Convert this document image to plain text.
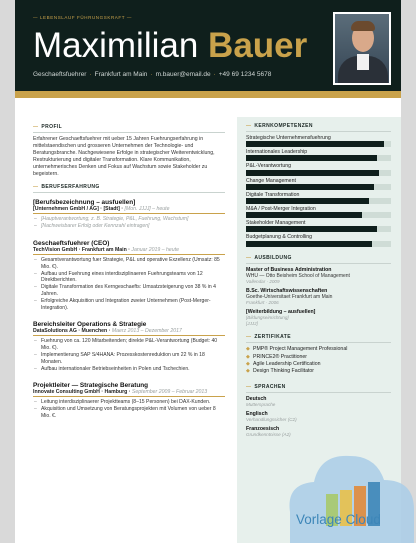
— LEBENSLAUF FÜHRUNGSKRAFT —
Maximilian Bauer
Geschaeftsfuehrer · Frankfurt am Main · m.bauer@email.de · +49 69 1234 5678
— PROFIL
Erfahrener Geschaeftsfuehrer mit ueber 15 Jahren Fuehrungserfahrung in mittelstaendischen und grosseren Unternehmen der Technologie- und Beratungsbranche. Nachgewiesene Erfolge in strategischer Weiterentwicklung, Restrukturierung und digitaler Transformation. Klare Kommunikation, unternehmerisches Denken und Fokus auf Wachstum sowie Stakeholder zu begeistern.
— BERUFSERFAHRUNG
[Berufsbezeichnung – ausfuellen]
[Unternehmen GmbH / AG] · [Stadt] · [Mon. JJJJ] – heute
– [Hauptverantwortung, z. B. Strategie, P&L, Fuehrung, Wachstum]
– [Nachweisbarer Erfolg oder Kennzahl eintragen]
Geschaeftsfuehrer (CEO)
TechVision GmbH · Frankfurt am Main · Januar 2019 – heute
– Gesamtverantwortung fuer Strategie, P&L und operative Exzellenz (Umsatz: 85 Mio. €).
– Aufbau und Fuehrung eines interdisziplinaeren Fuehrungsteams von 12 Direktberichten.
– Digitale Transformation des Kerngeschaefts: Umsatzsteigerung von 38 % in 4 Jahren.
– Erfolgreiche Akquisition und Integration zweier Unternehmen (Post-Merger-Integration).
Bereichsleiter Operations & Strategie
DataSolutions AG · Muenchen · Maerz 2013 – Dezember 2017
– Fuehrung von ca. 120 Mitarbeitenden; direkte P&L-Verantwortung (Budget: 40 Mio. €).
– Implementierung SAP S/4HANA: Prozesskostenreduktion um 22 % in 18 Monaten.
– Aufbau internationaler Betriebseinheiten in Polen und Tschechien.
Projektleiter — Strategische Beratung
Innovate Consulting GmbH · Hamburg · September 2009 – Februar 2013
– Leitung interdisziplinaerer Projektteams (8–15 Personen) bei DAX-Kunden.
– Akquisition und Umsetzung von Beratungsprojekten mit Volumen von ueber 8 Mio. €.
— KERNKOMPETENZEN
Strategische Unternehmensfuehrung
Internationales Leadership
P&L-Verantwortung
Change Management
Digitale Transformation
M&A / Post-Merger Integration
Stakeholder Management
Budgetplanung & Controlling
— AUSBILDUNG
Master of Business Administration
WHU — Otto Beisheim School of Management
Vallendar · 2009
B.Sc. Wirtschaftswissenschaften
Goethe-Universitaet Frankfurt am Main
Frankfurt · 2006
[Weiterbildung – ausfuellen]
[Bildungseinrichtung]
[JJJJ]
— ZERTIFIKATE
◆ PMP® Project Management Professional
◆ PRINCE2® Practitioner
◆ Agile Leadership Certification
◆ Design Thinking Facilitator
— SPRACHEN
Deutsch
Muttersprache
Englisch
Verhandlungssicher (C2)
Franzoesisch
Grundkenntnisse (A2)
Vorlage Cloud
